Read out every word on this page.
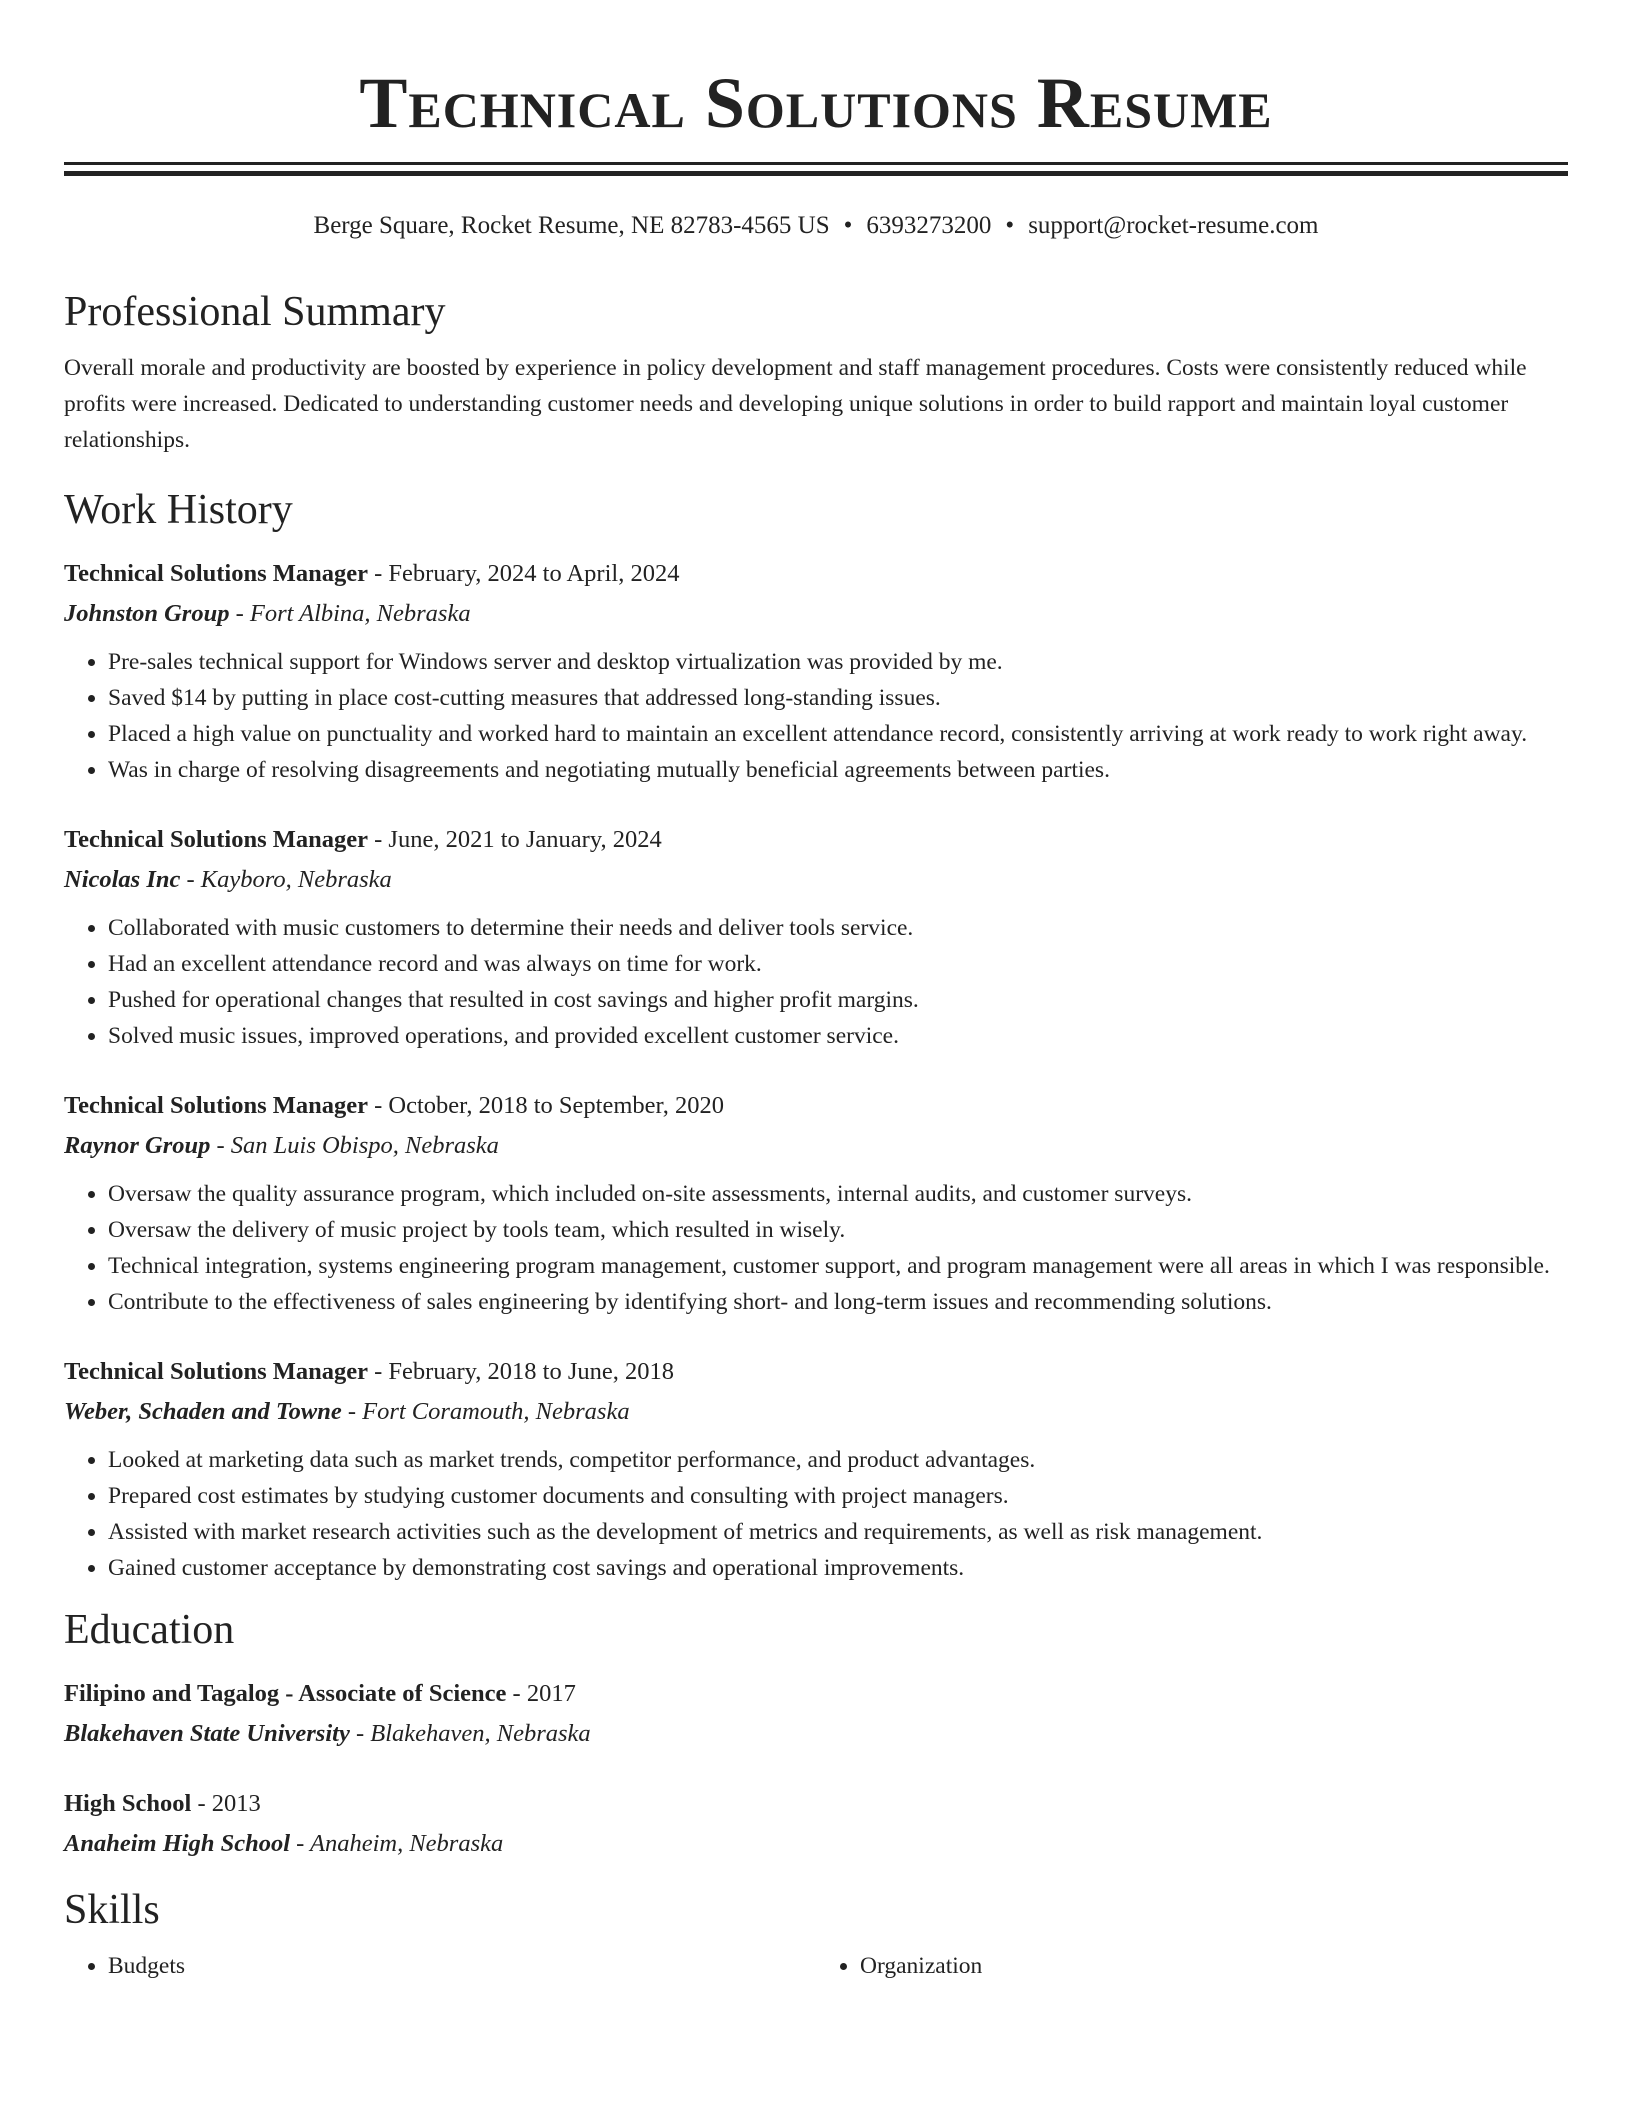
Technical Solutions Resume
Berge Square, Rocket Resume, NE 82783-4565 US • 6393273200 • support@rocket-resume.com
Professional Summary
Overall morale and productivity are boosted by experience in policy development and staff management procedures. Costs were consistently reduced while profits were increased. Dedicated to understanding customer needs and developing unique solutions in order to build rapport and maintain loyal customer relationships.
Work History
Technical Solutions Manager - February, 2024 to April, 2024
Johnston Group - Fort Albina, Nebraska
• Pre-sales technical support for Windows server and desktop virtualization was provided by me.
• Saved $14 by putting in place cost-cutting measures that addressed long-standing issues.
• Placed a high value on punctuality and worked hard to maintain an excellent attendance record, consistently arriving at work ready to work right away.
• Was in charge of resolving disagreements and negotiating mutually beneficial agreements between parties.
Technical Solutions Manager - June, 2021 to January, 2024
Nicolas Inc - Kayboro, Nebraska
• Collaborated with music customers to determine their needs and deliver tools service.
• Had an excellent attendance record and was always on time for work.
• Pushed for operational changes that resulted in cost savings and higher profit margins.
• Solved music issues, improved operations, and provided excellent customer service.
Technical Solutions Manager - October, 2018 to September, 2020
Raynor Group - San Luis Obispo, Nebraska
• Oversaw the quality assurance program, which included on-site assessments, internal audits, and customer surveys.
• Oversaw the delivery of music project by tools team, which resulted in wisely.
• Technical integration, systems engineering program management, customer support, and program management were all areas in which I was responsible.
• Contribute to the effectiveness of sales engineering by identifying short- and long-term issues and recommending solutions.
Technical Solutions Manager - February, 2018 to June, 2018
Weber, Schaden and Towne - Fort Coramouth, Nebraska
• Looked at marketing data such as market trends, competitor performance, and product advantages.
• Prepared cost estimates by studying customer documents and consulting with project managers.
• Assisted with market research activities such as the development of metrics and requirements, as well as risk management.
• Gained customer acceptance by demonstrating cost savings and operational improvements.
Education
Filipino and Tagalog - Associate of Science - 2017
Blakehaven State University - Blakehaven, Nebraska
High School - 2013
Anaheim High School - Anaheim, Nebraska
Skills
• Budgets
•	Organization
